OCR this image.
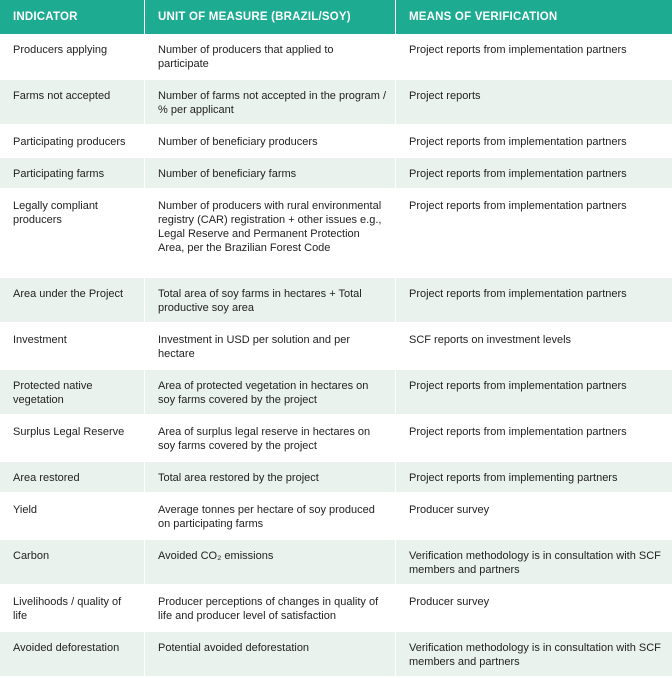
INDICATOR	UNIT OF MEASURE (BRAZIL/SOY)	MEANS OF VERIFICATION
Producers applying	Number of producers that applied to participate	Project reports from implementation partners
Farms not accepted	Number of farms not accepted in the program / % per applicant	Project reports
Participating producers	Number of beneficiary producers	Project reports from implementation partners
Participating farms	Number of beneficiary farms	Project reports from implementation partners
Legally compliant producers	Number of producers with rural environmental registry (CAR) registration + other issues e.g., Legal Reserve and Permanent Protection Area, per the Brazilian Forest Code	Project reports from implementation partners
Area under the Project	Total area of soy farms in hectares + Total productive soy area	Project reports from implementation partners
Investment	Investment in USD per solution and per hectare	SCF reports on investment levels
Protected native vegetation	Area of protected vegetation in hectares on soy farms covered by the project	Project reports from implementation partners
Surplus Legal Reserve	Area of surplus legal reserve in hectares on soy farms covered by the project	Project reports from implementation partners
Area restored	Total area restored by the project	Project reports from implementing partners
Yield	Average tonnes per hectare of soy produced on participating farms	Producer survey
Carbon	Avoided CO₂ emissions	Verification methodology is in consultation with SCF members and partners
Livelihoods / quality of life	Producer perceptions of changes in quality of life and producer level of satisfaction	Producer survey
Avoided deforestation	Potential avoided deforestation	Verification methodology is in consultation with SCF members and partners
